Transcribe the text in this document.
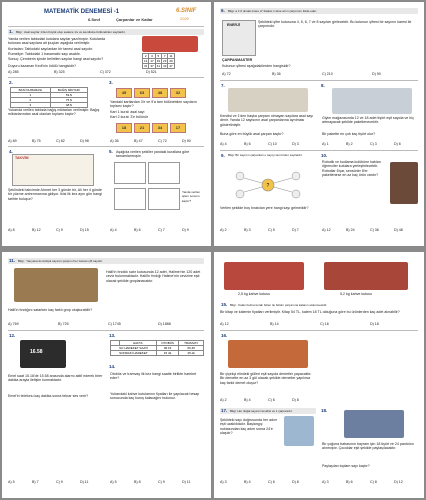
MATEMATİK DENEMESİ -1
6.Sınıf	Çarpanlar ve Katlar
6.SINIF
2020
1. Bilgi : Asal sayılar 1'den büyük olup sadece 1'e ve kendisine bölünebilen sayılardır.
Yanda verilen tablodaki kutulara sayılar yazılmıştır. Kutularda bulunan asal sayılara ait ipuçları aşağıda verilmiştir.
Kurtadan: Tablodaki sayılardan bir tanesi asal sayıdır.
Rumeliye: Tablodaki 1 basamaklı sayı asaldır.
Sonuç: Çemberin içinde belirtilen sayılar hangi asal sayıdır?
2	3	5	7	11
13	17	19	23	29
31	37	41	43	47
Duyuru kazanan Kedi'nin ödülü hangisidir?
A) 285	B) 325	C) 372	D) 521
2.
BASİ NUMARASI	BAĞIŞ MİKTARI
1	59 $
2	75 $
3	48 $
Yukarıda verilen tabloda bağış miktarları verilmiştir. Bağış miktarlarından asal olanları toplamı kaçtır?
A) 89	B) 75	C) 82	D) 98
3.
45	63	48	32
Yandaki kartlardan 3'e ve 9'a tam bölünebilen sayıların toplamı kaçtır?
Kart 1 kural: asal sayı
Kart 2 kural: 3'e bölünür
18	21	34	17
A) 36	B) 47	C) 72	D) 90
4.
TAKVİM
Şeklindeki takvimde Ahmet her 3 günde bir, Ali her 4 günde bir yüzme antrenmanına gidiyor. İkisi ilk kez aynı gün hangi tarihte buluşur?
A) 8	B) 12	C) 9	D) 15
5. Aşağıda verilen şekiller yandaki kurallara göre tamamlanmıştır.
Yanda verilen işlem sonucu kaçtır?
A) 4	B) 6	C) 7	D) 9
6. Bilgi: a ≠ 0 olmak üzere aⁿ ifadesi n tane a'nın çarpımını ifade eder.
ENERJİ
Şekildeki şifre kutusuna 4, 5, 6, 7 ve 8 sayıları girilecektir. Bu kutunun şifresi bir sayının karesi ile çarpımıdır.
ÇARPANMASTER
Kutunun şifresi aşağıdakilerden hangisidir?
A) 72	B) 36	C) 210	D) 90
7.
Kendisi ve 1'den başka çarpanı olmayan sayılara asal sayı denir. Yanda 12 sayısının asal çarpanlarına ayrılması gösterilmiştir.
Buna göre en büyük asal çarpan kaçtır?
A) 4	B) 6	C) 10	D) 3
8.
Giyim mağazasında 12 ve 18 adet tişört eşit sayıda ve hiç artmayacak şekilde paketlenecektir.
Bir pakette en çok kaç tişört olur?
A) 1	B) 2	C) 3	D) 6
9. Bilgi: Bir sayının çarpanları o sayıyı tam bölen sayılardır.
?
Verilen şekilde boş bırakılan yere hangi sayı gelmelidir?
A) 2	B) 3	C) 5	D) 7
10.
Robotik ve kodlama kulübüne katılan öğrenciler kutulara yerleştirilecektir. Robotlar 6'şar, sensörler 8'er paketlenirse en az kaç ürün vardır?
A) 12	B) 24	C) 36	D) 48
11. Bilgi : Yanyana iki ardışık sayının çarpımı her zaman çift sayıdır.
Halil'in fındıklı satır kutusunda 12 adet, Halime'nin 120 adet ceviz bulunmaktadır. Halil'in fındığı Halime'nin cevizine eşit olacak şekilde gruplanacaktır.
Halil'in fındığını satarken kaç farklı grup oluşturabilir?
A) 769	B) 725	C) 1745	D) 1888
12.
16.58
Emel saat 15.18'de 15.58 arasında alarmı aktif ederek birer dakika arayla iletişim kurmaktadır.
Emel'in telefonu kaç dakika sonra tekrar ses verir?
A) 5	B) 7	C) 9	D) 11
13.
	HAFTA	OTOBÜS	TRAMVAY
İLK HAREKET SAATİ		06.15	06.45
SONRAKİ HAREKET		15 dk	25 dk
14.
Otobüs ve tramvay ilk kez hangi saatte birlikte hareket eder?
Yukarıdaki kahve kutularının fiyatları ile yapılacak hesap sonucunda kaç kuruş kalacağını bulunuz.
A) 5	B) 8	C) 9	D) 11
2,5 kg kahve kutusu	5,2 kg kahve kutusu
15. Bilgi : Kalan bulma kuralı bölen ile bölüm çarpımına kalanın eklenmesidir.
Bir kitap ve kalemin fiyatları verilmiştir. Kitap 54 TL, kalem 18 TL olduğuna göre bu ürünlerden kaç adet alınabilir?
A) 12	B) 14	C) 16	D) 18
16.
Bir çiçekçi elindeki gülleri eşit sayıda demetler yapacaktır. Bir demette en az 3 gül olacak şekilde demetler yapılırsa kaç farklı demet oluşur?
A) 2	B) 4	C) 6	D) 8
17. Bilgi: Her doğal sayının kendisi ve 1 çarpanıdır.
Şekildeki sayı doğrusunda her adım eşit uzaklıktadır. Başlangıç noktasından kaç adım sonra 24'e ulaşılır?
A) 3	B) 4	C) 6	D) 8
18.
Bir çoğuna babasının bayram için 18 tişört ve 24 pantolon alınmıştır. Çocuklar eşit şekilde paylaşılacaktır.
Paylaşılan toplam sayı kaçtır?
A) 3	B) 6	C) 8	D) 12
